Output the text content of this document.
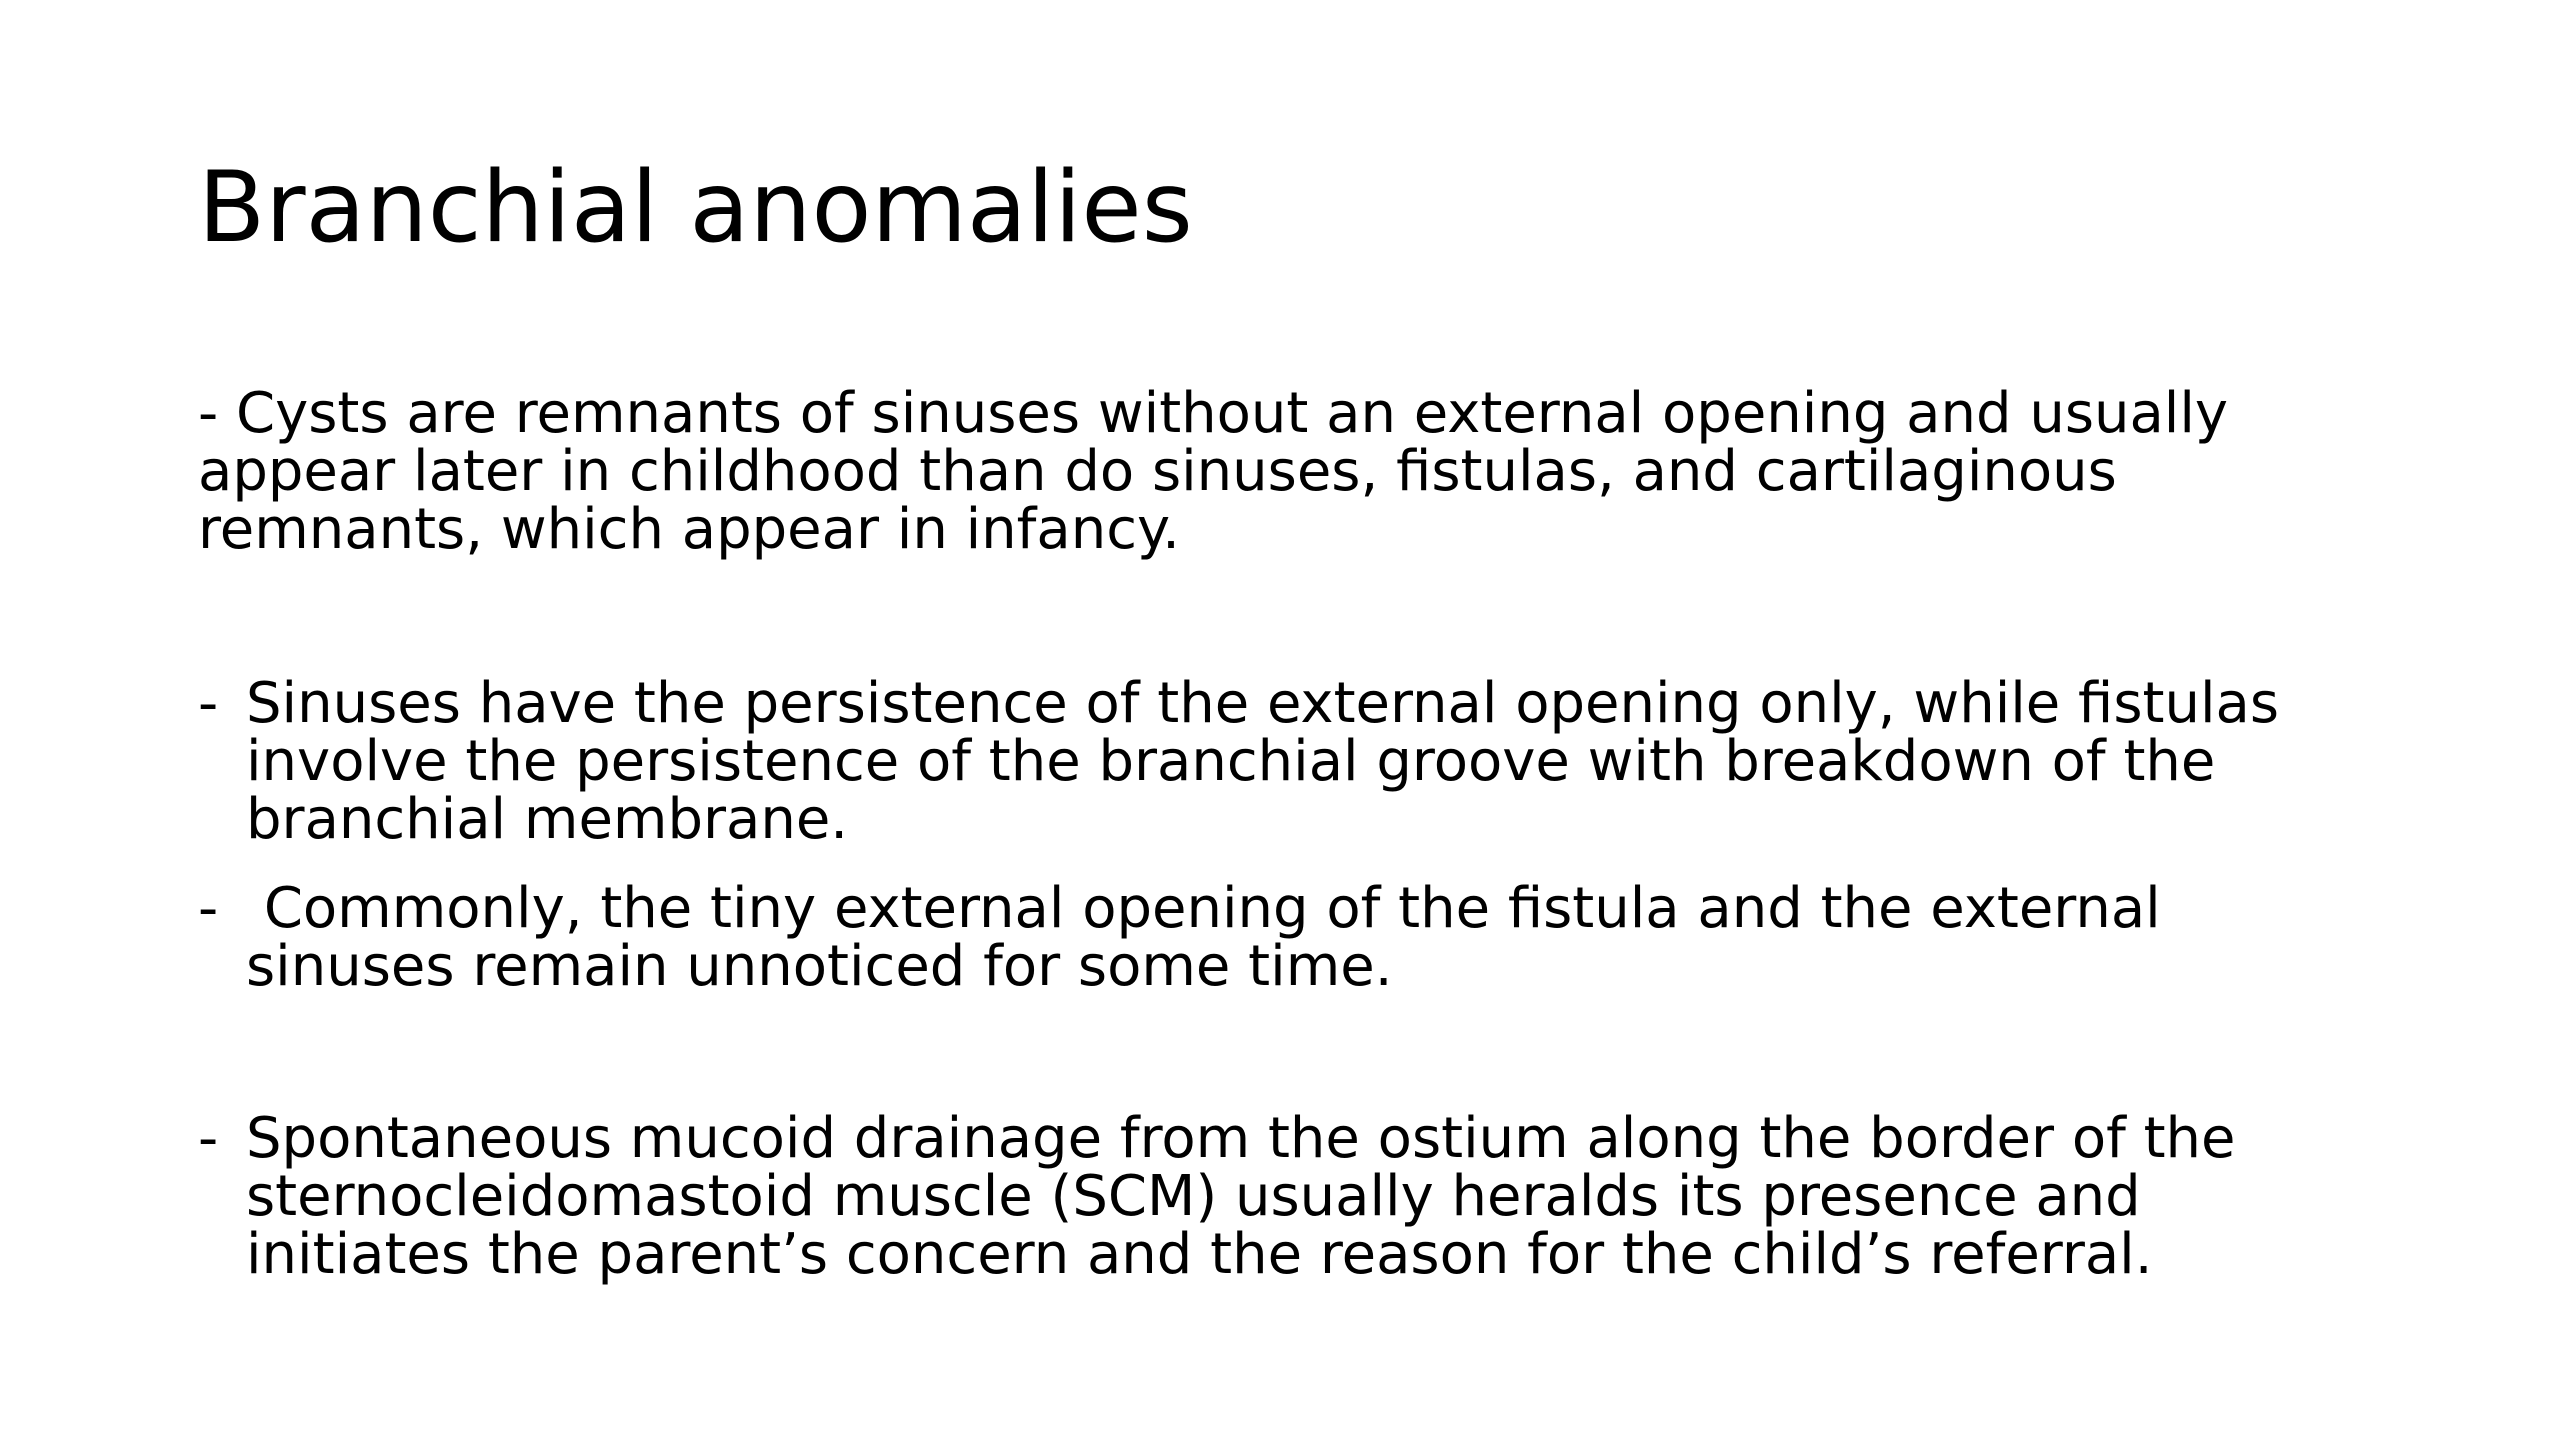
Branchial anomalies

- Cysts are remnants of sinuses without an external opening and usually appear later in childhood than do sinuses, fistulas, and cartilaginous remnants, which appear in infancy.

- Sinuses have the persistence of the external opening only, while fistulas involve the persistence of the branchial groove with breakdown of the branchial membrane.
- Commonly, the tiny external opening of the fistula and the external sinuses remain unnoticed for some time.
- Spontaneous mucoid drainage from the ostium along the border of the sternocleidomastoid muscle (SCM) usually heralds its presence and initiates the parent’s concern and the reason for the child’s referral.
